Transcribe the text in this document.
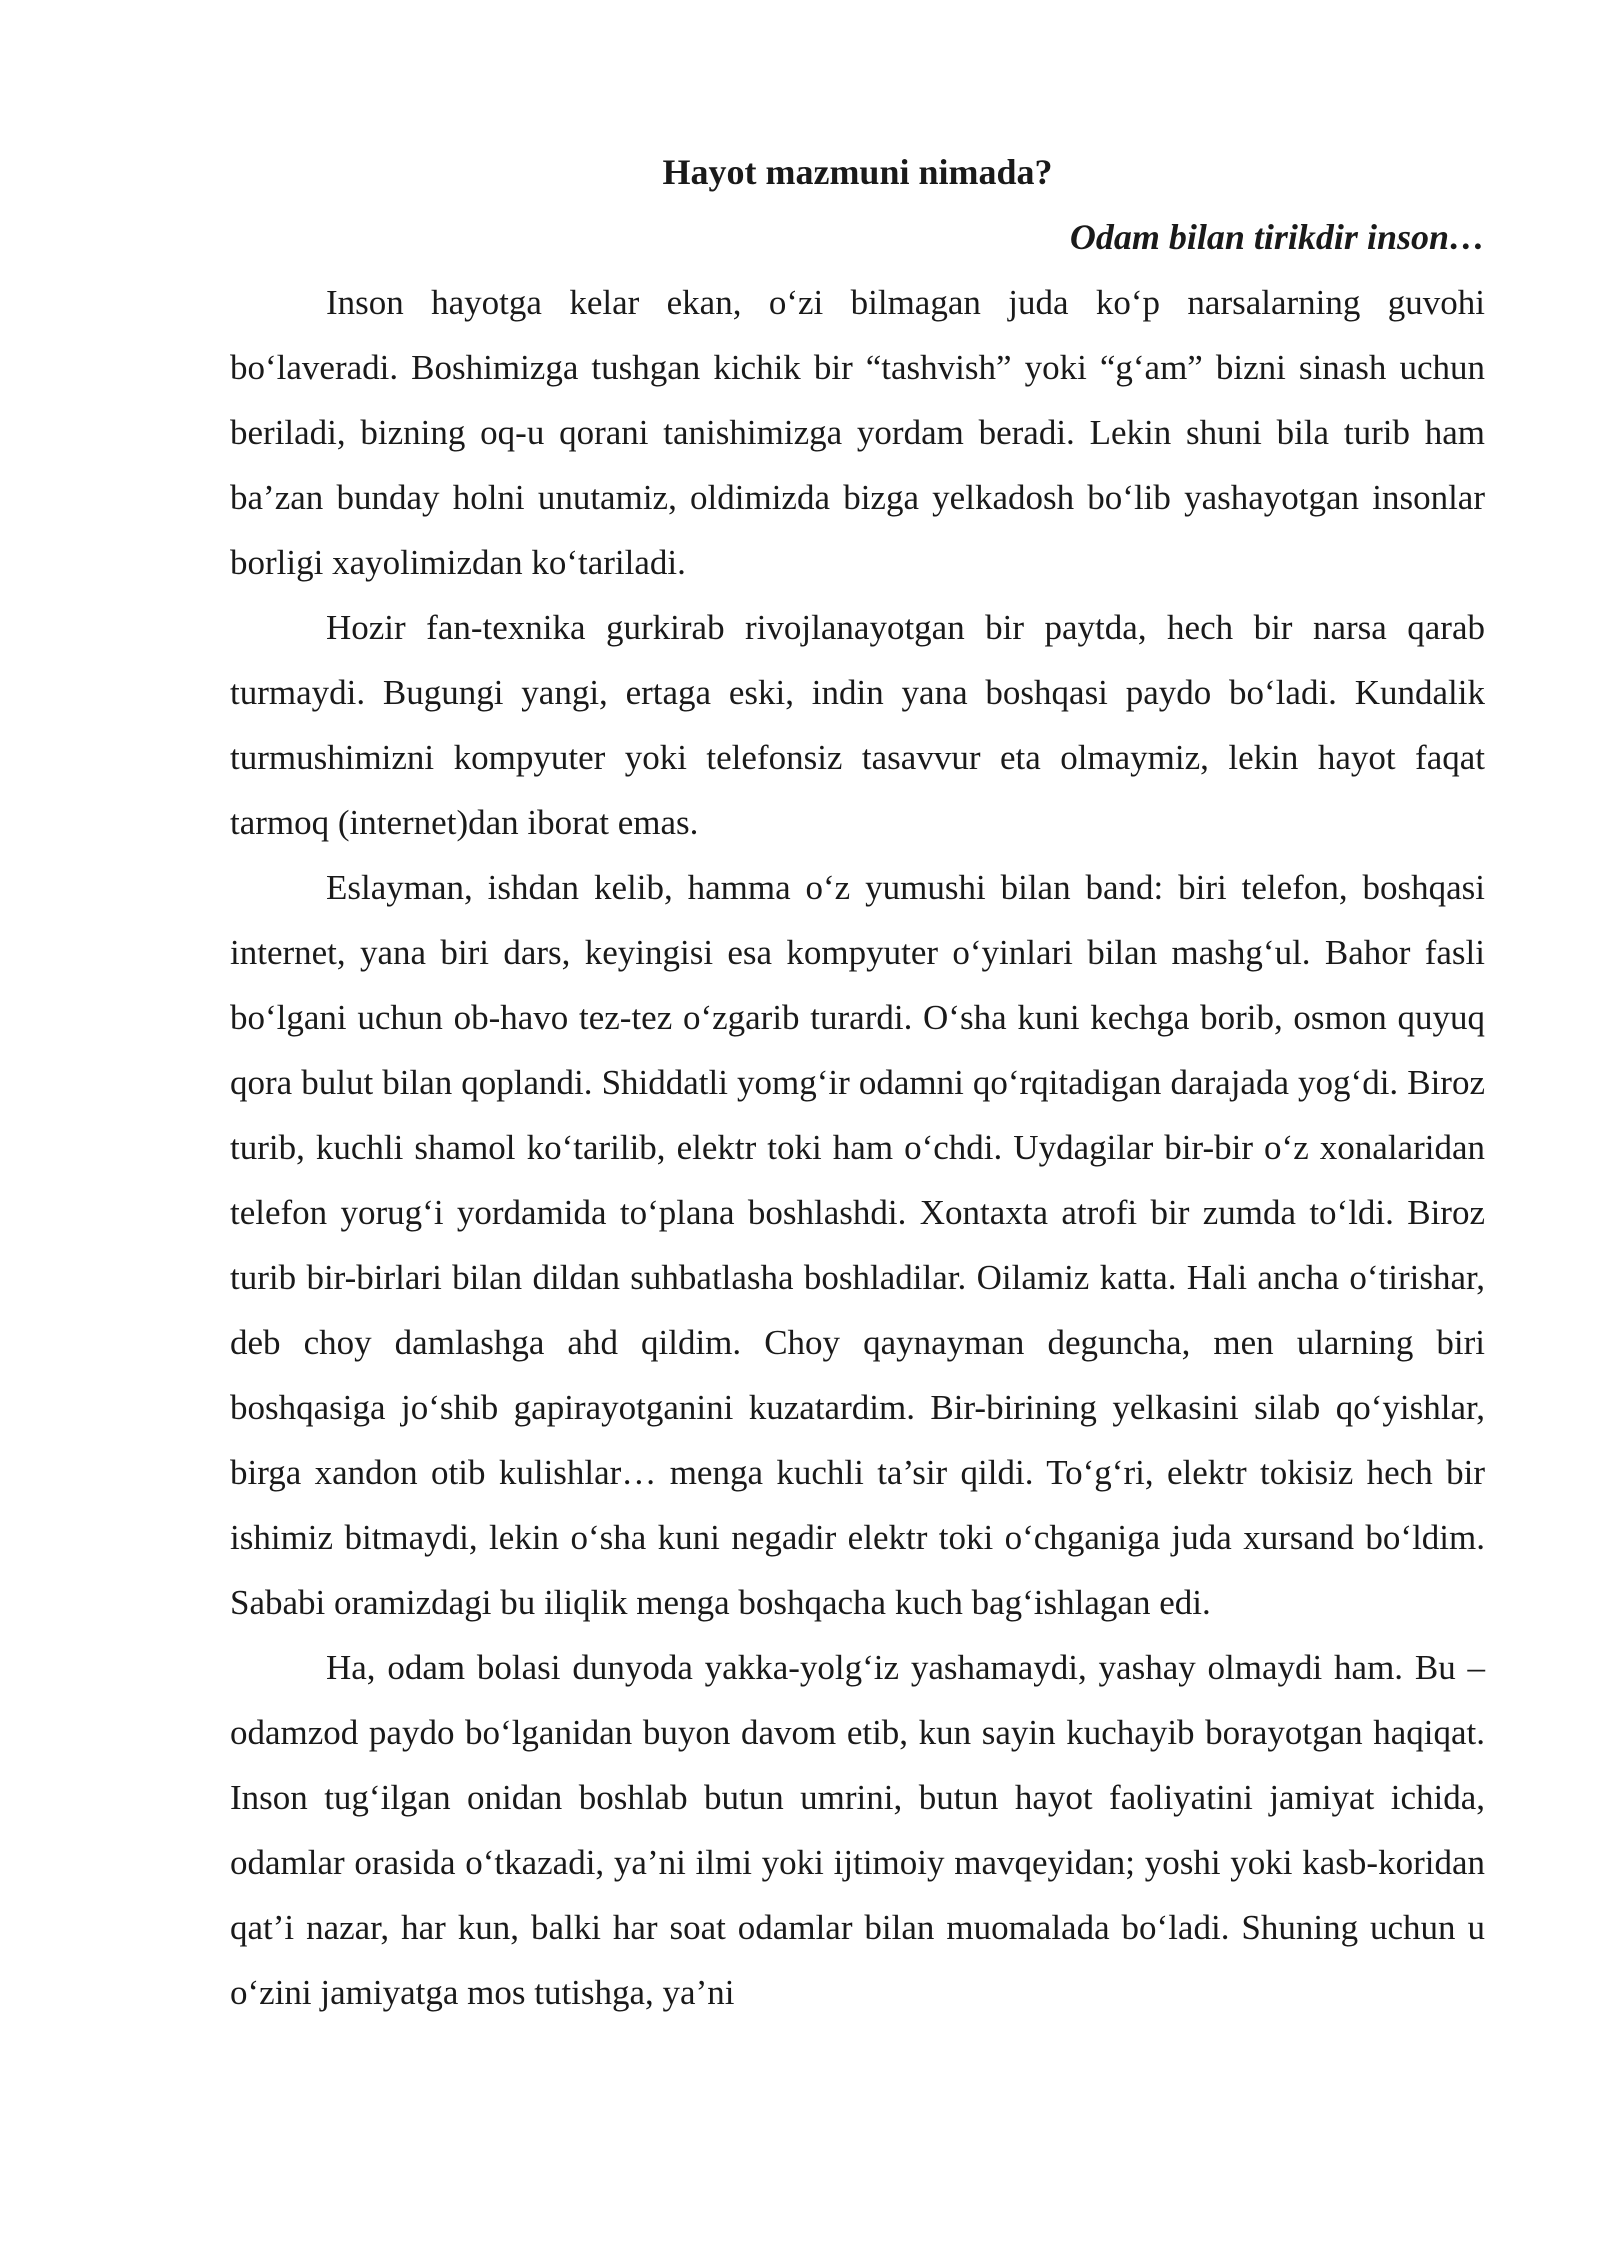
Hayot mazmuni nimada?

Odam bilan tirikdir inson…

Inson hayotga kelar ekan, o‘zi bilmagan juda ko‘p narsalarning guvohi bo‘laveradi. Boshimizga tushgan kichik bir “tashvish” yoki “g‘am” bizni sinash uchun beriladi, bizning oq-u qorani tanishimizga yordam beradi. Lekin shuni bila turib ham ba’zan bunday holni unutamiz, oldimizda bizga yelkadosh bo‘lib yashayotgan insonlar borligi xayolimizdan ko‘tariladi.

Hozir fan-texnika gurkirab rivojlanayotgan bir paytda, hech bir narsa qarab turmaydi. Bugungi yangi, ertaga eski, indin yana boshqasi paydo bo‘ladi. Kundalik turmushimizni kompyuter yoki telefonsiz tasavvur eta olmaymiz, lekin hayot faqat tarmoq (internet)dan iborat emas.

Eslayman, ishdan kelib, hamma o‘z yumushi bilan band: biri telefon, boshqasi internet, yana biri dars, keyingisi esa kompyuter o‘yinlari bilan mashg‘ul. Bahor fasli bo‘lgani uchun ob-havo tez-tez o‘zgarib turardi. O‘sha kuni kechga borib, osmon quyuq qora bulut bilan qoplandi. Shiddatli yomg‘ir odamni qo‘rqitadigan darajada yog‘di. Biroz turib, kuchli shamol ko‘tarilib, elektr toki ham o‘chdi. Uydagilar bir-bir o‘z xonalaridan telefon yorug‘i yordamida to‘plana boshlashdi. Xontaxta atrofi bir zumda to‘ldi. Biroz turib bir-birlari bilan dildan suhbatlasha boshladilar. Oilamiz katta. Hali ancha o‘tirishar, deb choy damlashga ahd qildim. Choy qaynayman deguncha, men ularning biri boshqasiga jo‘shib gapirayotganini kuzatardim. Bir-birining yelkasini silab qo‘yishlar, birga xandon otib kulishlar… menga kuchli ta’sir qildi. To‘g‘ri, elektr tokisiz hech bir ishimiz bitmaydi, lekin o‘sha kuni negadir elektr toki o‘chganiga juda xursand bo‘ldim. Sababi oramizdagi bu iliqlik menga boshqacha kuch bag‘ishlagan edi.

Ha, odam bolasi dunyoda yakka-yolg‘iz yashamaydi, yashay olmaydi ham. Bu – odamzod paydo bo‘lganidan buyon davom etib, kun sayin kuchayib borayotgan haqiqat. Inson tug‘ilgan onidan boshlab butun umrini, butun hayot faoliyatini jamiyat ichida, odamlar orasida o‘tkazadi, ya’ni ilmi yoki ijtimoiy mavqeyidan; yoshi yoki kasb-koridan qat’i nazar, har kun, balki har soat odamlar bilan muomalada bo‘ladi. Shuning uchun u o‘zini jamiyatga mos tutishga, ya’ni
